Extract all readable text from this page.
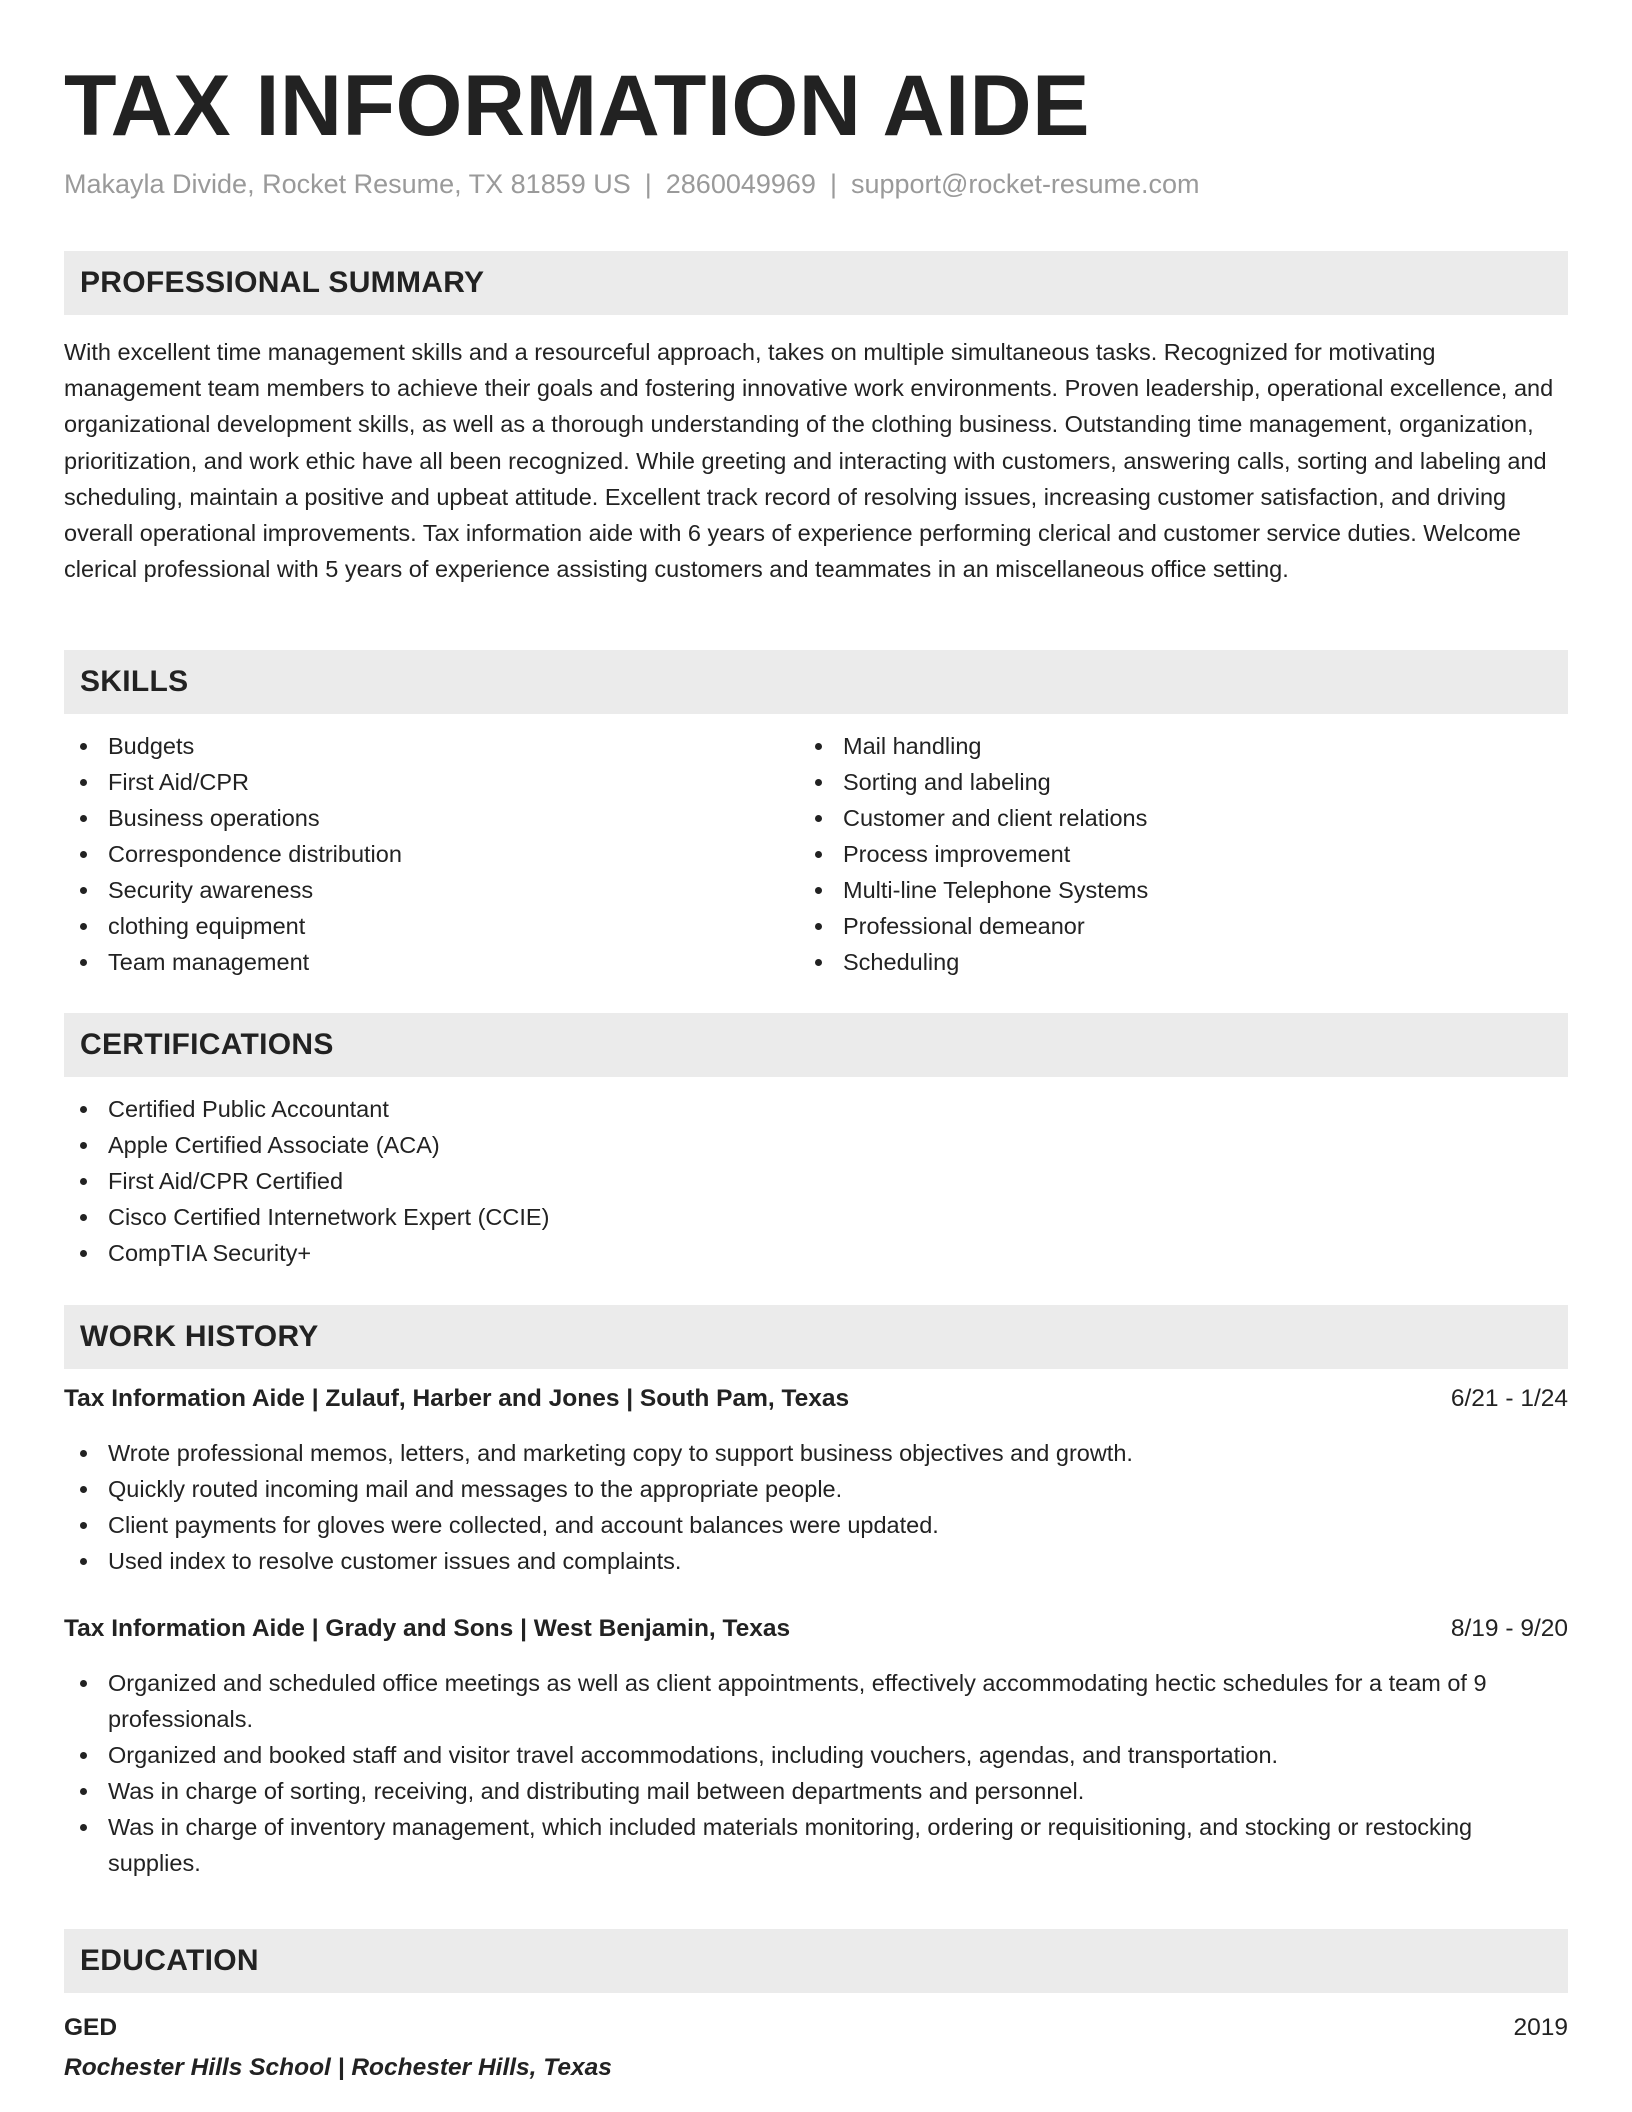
TAX INFORMATION AIDE
Makayla Divide, Rocket Resume, TX 81859 US | 2860049969 | support@rocket-resume.com
PROFESSIONAL SUMMARY

With excellent time management skills and a resourceful approach, takes on multiple simultaneous tasks. Recognized for motivating management team members to achieve their goals and fostering innovative work environments. Proven leadership, operational excellence, and organizational development skills, as well as a thorough understanding of the clothing business. Outstanding time management, organization, prioritization, and work ethic have all been recognized. While greeting and interacting with customers, answering calls, sorting and labeling and scheduling, maintain a positive and upbeat attitude. Excellent track record of resolving issues, increasing customer satisfaction, and driving overall operational improvements. Tax information aide with 6 years of experience performing clerical and customer service duties. Welcome clerical professional with 5 years of experience assisting customers and teammates in an miscellaneous office setting.

SKILLS
Budgets
First Aid/CPR
Business operations
Correspondence distribution
Security awareness
clothing equipment
Team management
Mail handling
Sorting and labeling
Customer and client relations
Process improvement
Multi-line Telephone Systems
Professional demeanor
Scheduling
CERTIFICATIONS
Certified Public Accountant
Apple Certified Associate (ACA)
First Aid/CPR Certified
Cisco Certified Internetwork Expert (CCIE)
CompTIA Security+
WORK HISTORY
Tax Information Aide | Zulauf, Harber and Jones | South Pam, Texas	6/21 - 1/24
Wrote professional memos, letters, and marketing copy to support business objectives and growth.
Quickly routed incoming mail and messages to the appropriate people.
Client payments for gloves were collected, and account balances were updated.
Used index to resolve customer issues and complaints.
Tax Information Aide | Grady and Sons | West Benjamin, Texas	8/19 - 9/20
Organized and scheduled office meetings as well as client appointments, effectively accommodating hectic schedules for a team of 9 professionals.
Organized and booked staff and visitor travel accommodations, including vouchers, agendas, and transportation.
Was in charge of sorting, receiving, and distributing mail between departments and personnel.
Was in charge of inventory management, which included materials monitoring, ordering or requisitioning, and stocking or restocking supplies.
EDUCATION
GED	2019
Rochester Hills School | Rochester Hills, Texas
